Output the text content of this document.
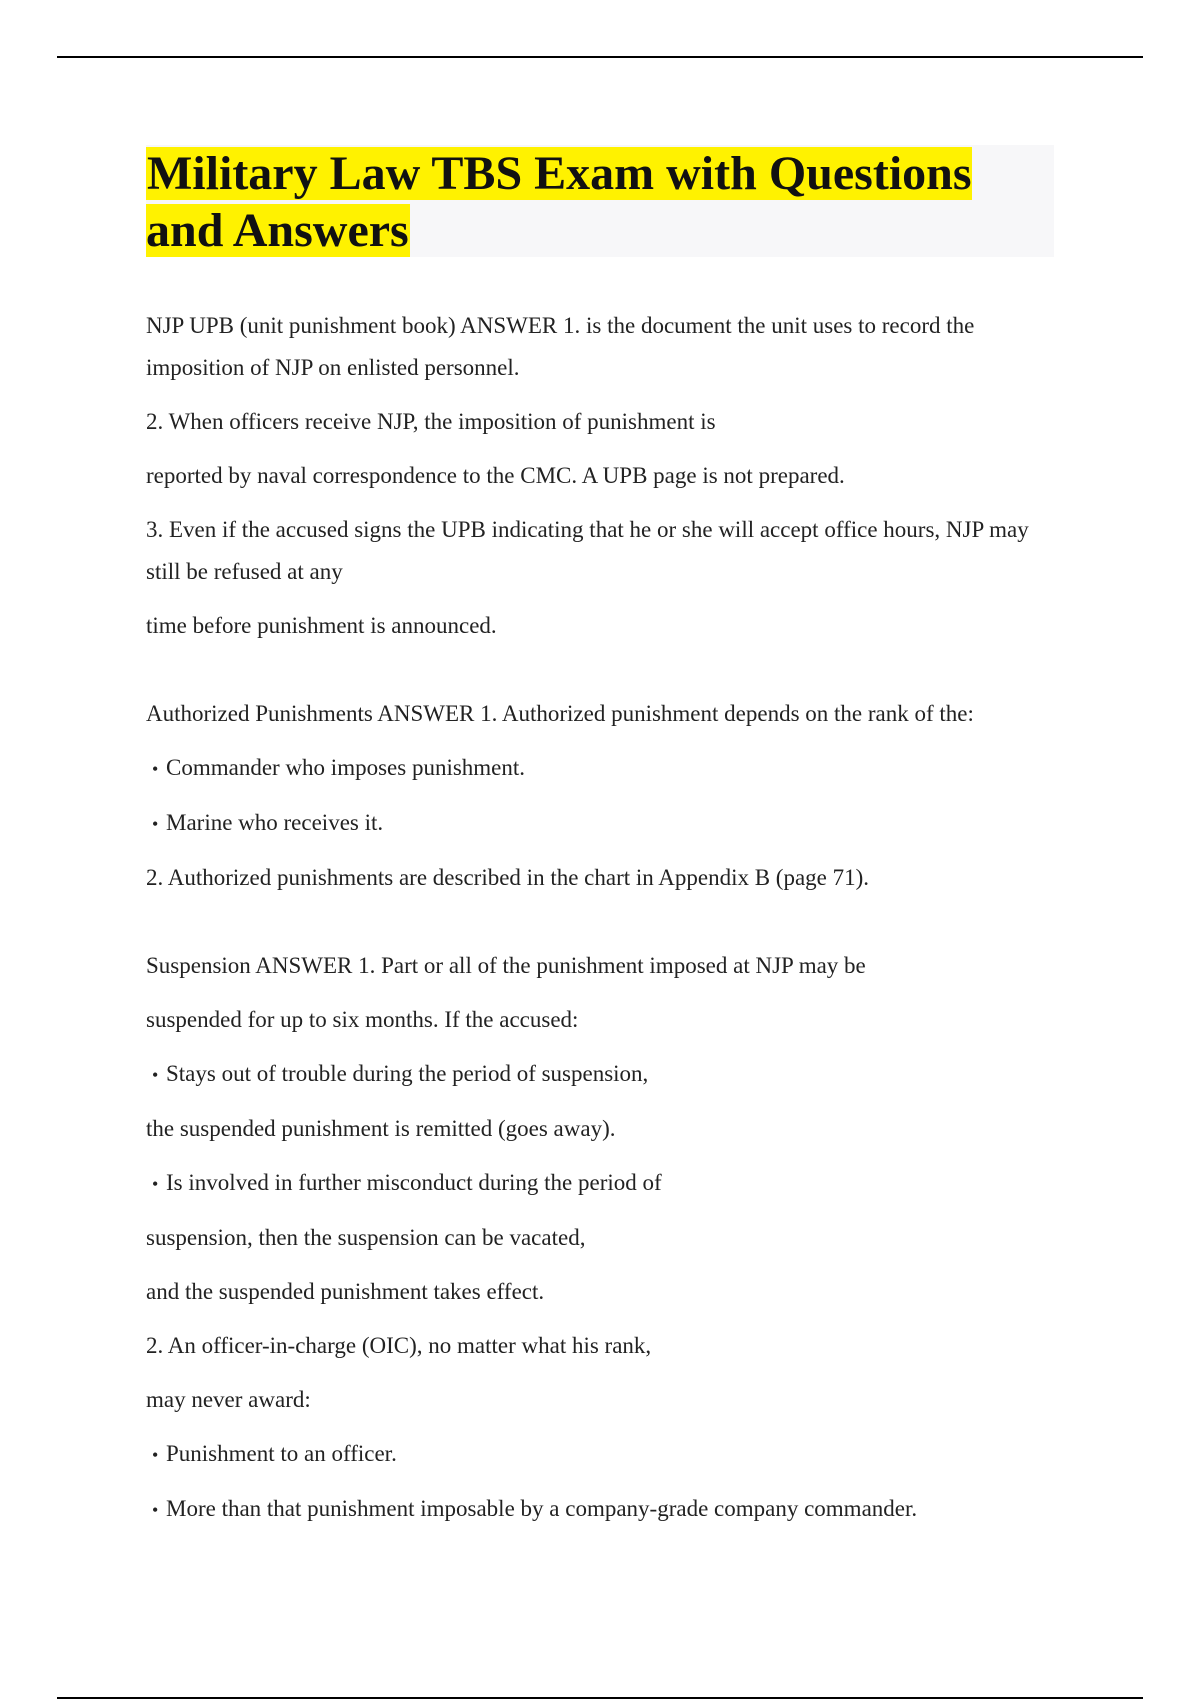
Military Law TBS Exam with Questions and Answers

NJP UPB (unit punishment book) ANSWER 1. is the document the unit uses to record the imposition of NJP on enlisted personnel.

2. When officers receive NJP, the imposition of punishment is

reported by naval correspondence to the CMC. A UPB page is not prepared.

3. Even if the accused signs the UPB indicating that he or she will accept office hours, NJP may still be refused at any

time before punishment is announced.

Authorized Punishments ANSWER 1. Authorized punishment depends on the rank of the:

• Commander who imposes punishment.

• Marine who receives it.

2. Authorized punishments are described in the chart in Appendix B (page 71).

Suspension ANSWER 1. Part or all of the punishment imposed at NJP may be

suspended for up to six months. If the accused:

• Stays out of trouble during the period of suspension,

the suspended punishment is remitted (goes away).

• Is involved in further misconduct during the period of

suspension, then the suspension can be vacated,

and the suspended punishment takes effect.

2. An officer-in-charge (OIC), no matter what his rank,

may never award:

• Punishment to an officer.

• More than that punishment imposable by a company-grade company commander.
